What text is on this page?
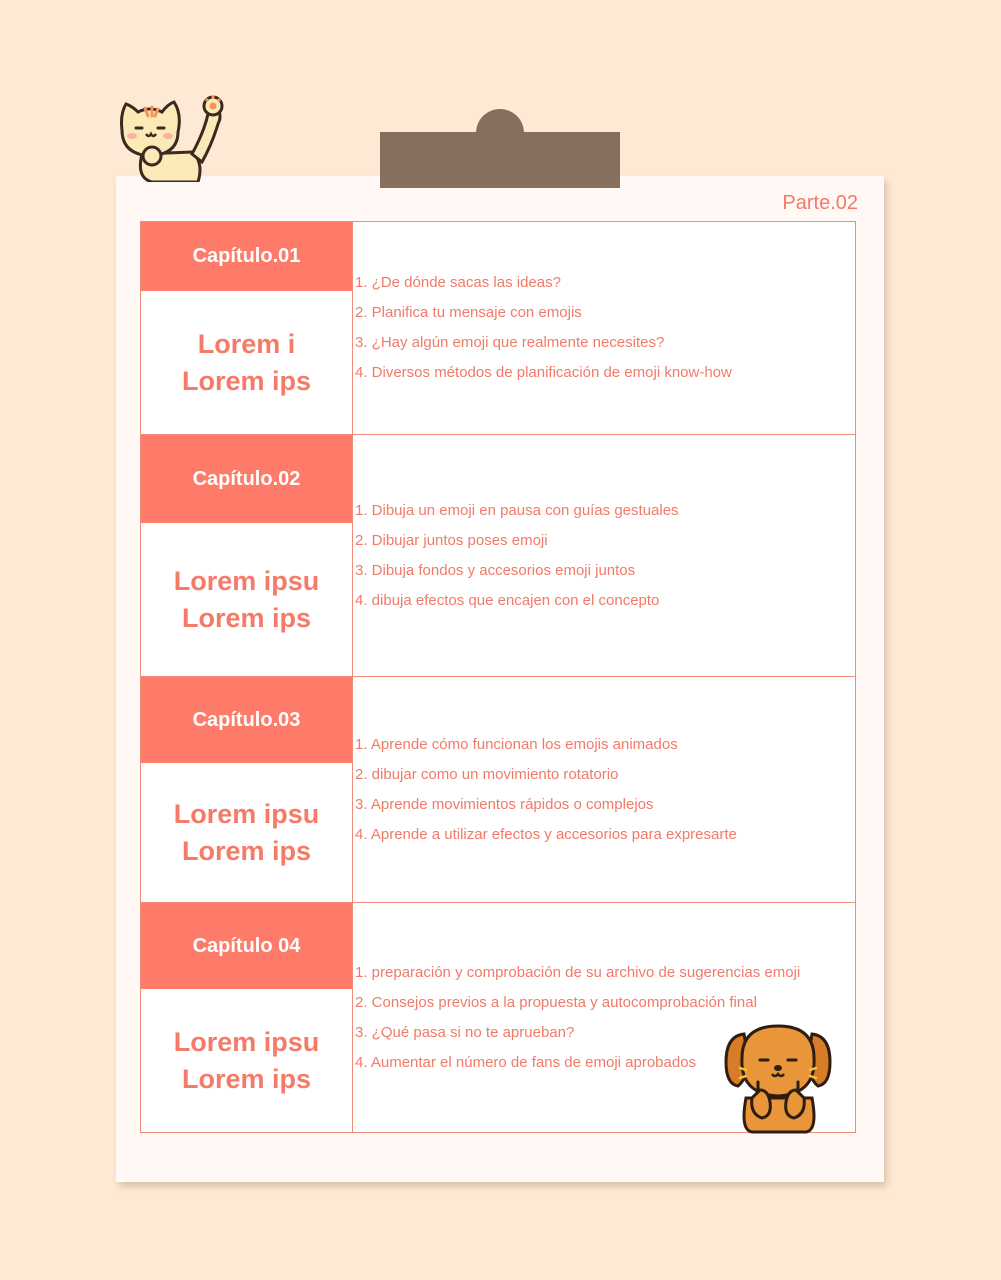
Parte.02
Capítulo.01
Lorem i
Lorem ips
1. ¿De dónde sacas las ideas?
2. Planifica tu mensaje con emojis
3. ¿Hay algún emoji que realmente necesites?
4. Diversos métodos de planificación de emoji know-how
Capítulo.02
Lorem ipsu
Lorem ips
1. Dibuja un emoji en pausa con guías gestuales
2. Dibujar juntos poses emoji
3. Dibuja fondos y accesorios emoji juntos
4. dibuja efectos que encajen con el concepto
Capítulo.03
Lorem ipsu
Lorem ips
1. Aprende cómo funcionan los emojis animados
2. dibujar como un movimiento rotatorio
3. Aprende movimientos rápidos o complejos
4. Aprende a utilizar efectos y accesorios para expresarte
Capítulo 04
Lorem ipsu
Lorem ips
1. preparación y comprobación de su archivo de sugerencias emoji
2. Consejos previos a la propuesta y autocomprobación final
3. ¿Qué pasa si no te aprueban?
4. Aumentar el número de fans de emoji aprobados
